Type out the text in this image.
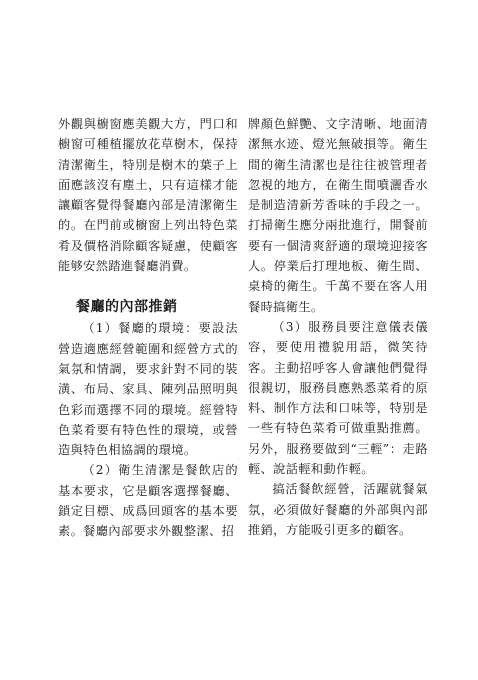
外觀與櫥窗應美觀大方，門口和櫥窗可種植擺放花草樹木，保持清潔衛生，特別是樹木的葉子上面應該沒有塵土，只有這樣才能讓顧客覺得餐廳內部是清潔衛生的。在門前或櫥窗上列出特色菜肴及價格消除顧客疑慮，使顧客能够安然踏進餐廳消費。

餐廳的內部推銷

（1）餐廳的環境：要設法營造適應經營範圍和經營方式的氣氛和情調，要求針對不同的裝潢、布局、家具、陳列品照明與色彩而選擇不同的環境。經營特色菜肴要有特色性的環境，或營造與特色相協調的環境。

（2）衛生清潔是餐飲店的基本要求，它是顧客選擇餐廳、鎖定目標、成爲回頭客的基本要素。餐廳內部要求外觀整潔、招

牌顏色鮮艷、文字清晰、地面清潔無水迹、燈光無破損等。衛生間的衛生清潔也是往往被管理者忽視的地方，在衛生間噴灑香水是制造清新芳香味的手段之一。打掃衛生應分兩批進行，開餐前要有一個清爽舒適的環境迎接客人。停業后打理地板、衛生間、桌椅的衛生。千萬不要在客人用餐時搞衛生。

（3）服務員要注意儀表儀容，要使用禮貌用語，微笑待客。主動招呼客人會讓他們覺得很親切，服務員應熟悉菜肴的原料、制作方法和口味等，特别是一些有特色菜肴可做重點推薦。另外，服務要做到“三輕”：走路輕、說話輕和動作輕。

搞活餐飲經營，活躍就餐氣氛，必須做好餐廳的外部與內部推銷，方能吸引更多的顧客。
